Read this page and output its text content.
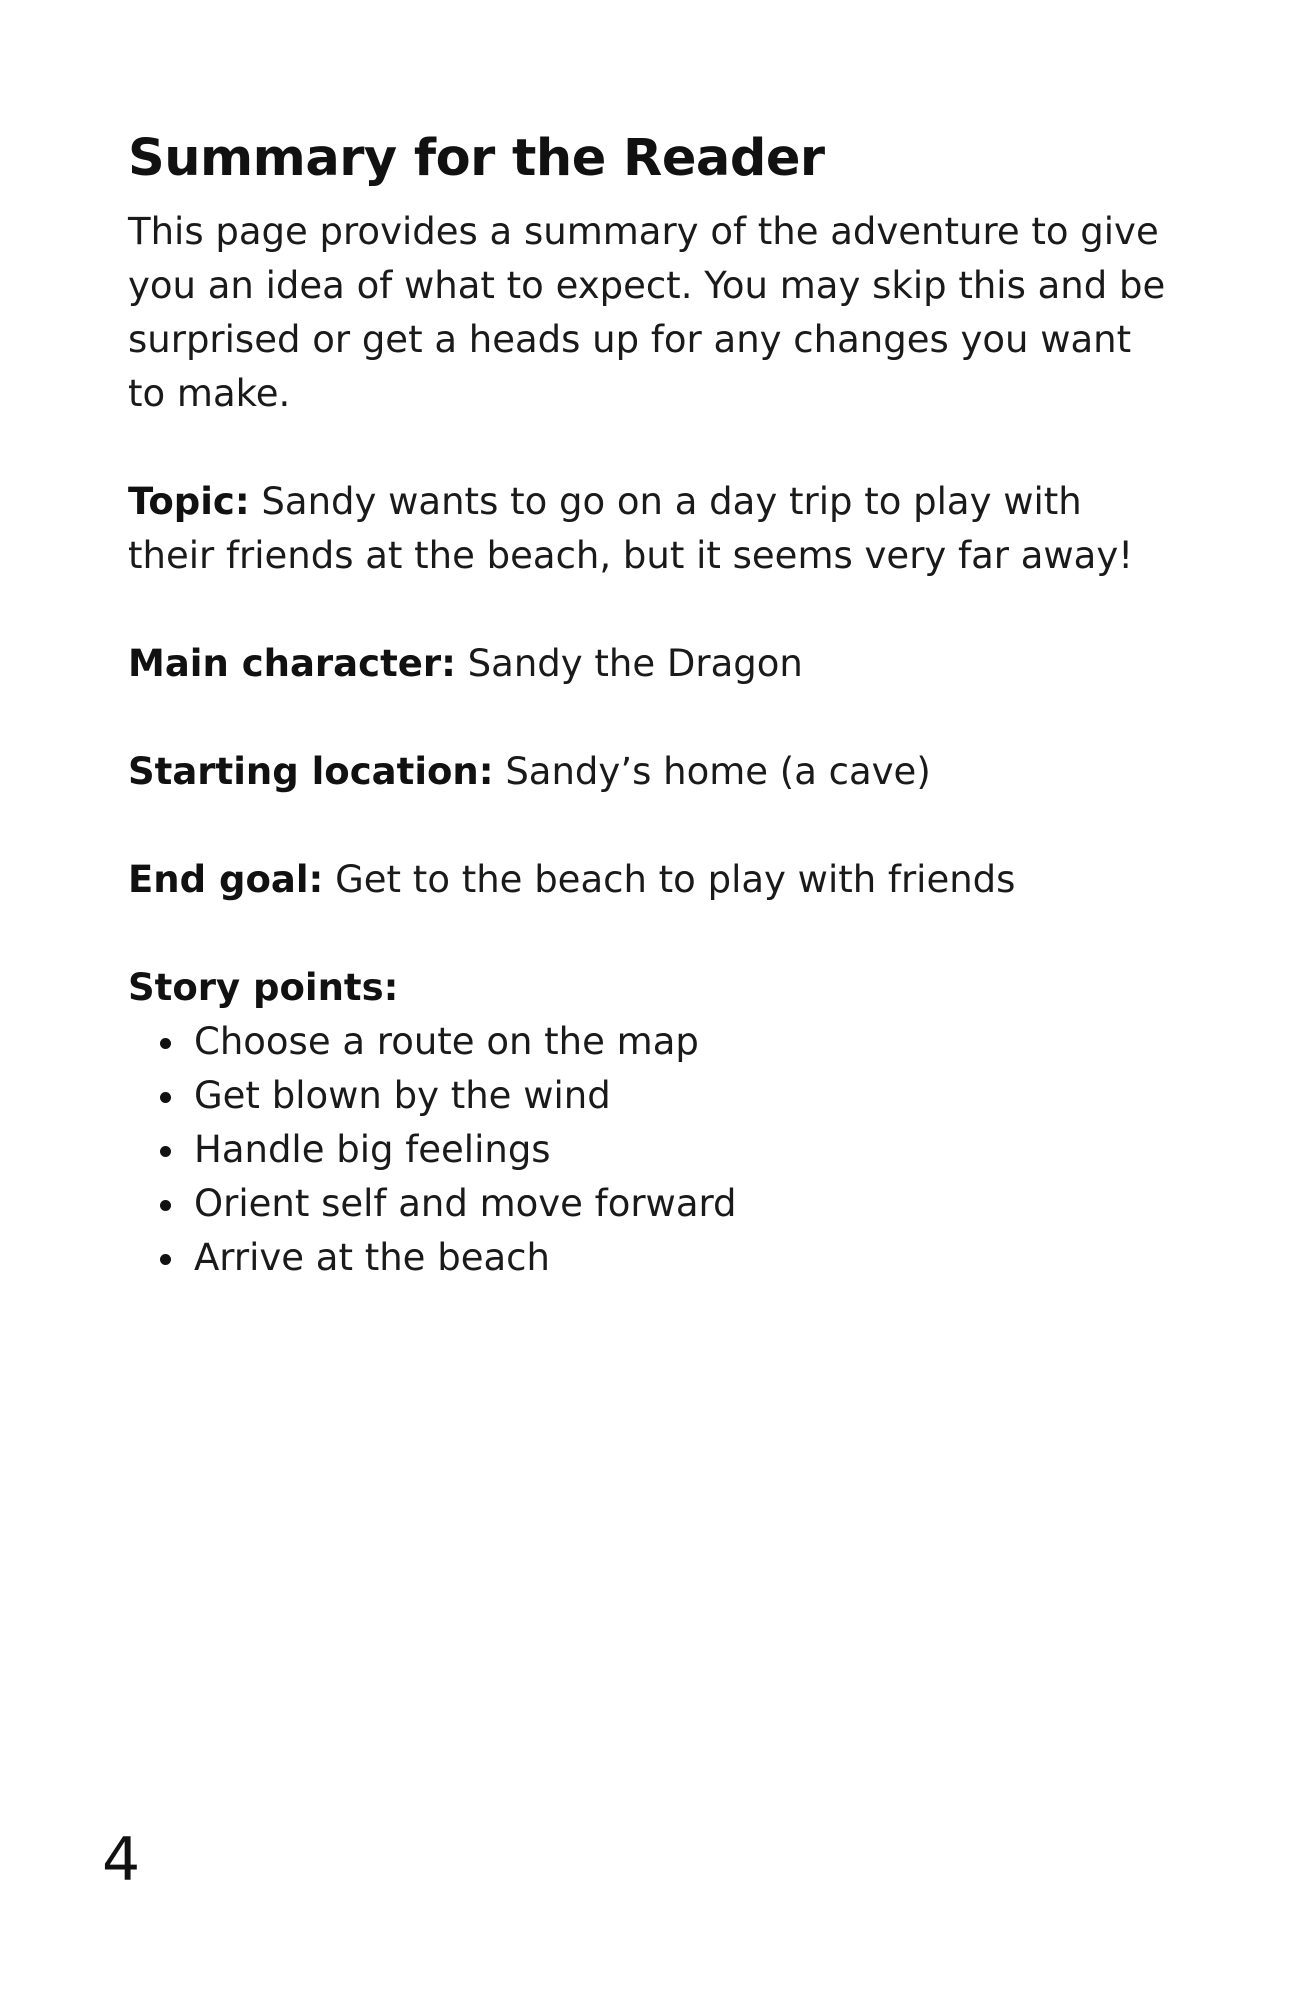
Summary for the Reader

This page provides a summary of the adventure to give you an idea of what to expect. You may skip this and be surprised or get a heads up for any changes you want to make.

Topic: Sandy wants to go on a day trip to play with their friends at the beach, but it seems very far away!

Main character: Sandy the Dragon

Starting location: Sandy’s home (a cave)

End goal: Get to the beach to play with friends

Story points:
Choose a route on the map
Get blown by the wind
Handle big feelings
Orient self and move forward
Arrive at the beach
4
